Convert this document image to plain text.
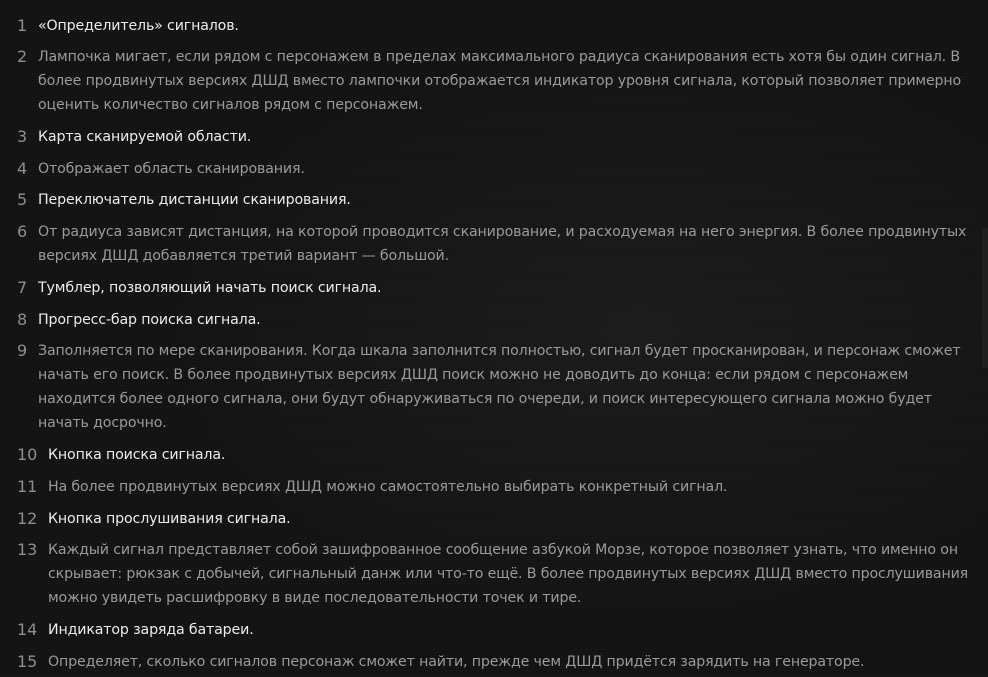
1 «Определитель» сигналов.
2 Лампочка мигает, если рядом с персонажем в пределах максимального радиуса сканирования есть хотя бы один сигнал. В более продвинутых версиях ДШД вместо лампочки отображается индикатор уровня сигнала, который позволяет примерно оценить количество сигналов рядом с персонажем.
3 Карта сканируемой области.
4 Отображает область сканирования.
5 Переключатель дистанции сканирования.
6 От радиуса зависят дистанция, на которой проводится сканирование, и расходуемая на него энергия. В более продвинутых версиях ДШД добавляется третий вариант — большой.
7 Тумблер, позволяющий начать поиск сигнала.
8 Прогресс-бар поиска сигнала.
9 Заполняется по мере сканирования. Когда шкала заполнится полностью, сигнал будет просканирован, и персонаж сможет начать его поиск. В более продвинутых версиях ДШД поиск можно не доводить до конца: если рядом с персонажем находится более одного сигнала, они будут обнаруживаться по очереди, и поиск интересующего сигнала можно будет начать досрочно.
10 Кнопка поиска сигнала.
11 На более продвинутых версиях ДШД можно самостоятельно выбирать конкретный сигнал.
12 Кнопка прослушивания сигнала.
13 Каждый сигнал представляет собой зашифрованное сообщение азбукой Морзе, которое позволяет узнать, что именно он скрывает: рюкзак с добычей, сигнальный данж или что-то ещё. В более продвинутых версиях ДШД вместо прослушивания можно увидеть расшифровку в виде последовательности точек и тире.
14 Индикатор заряда батареи.
15 Определяет, сколько сигналов персонаж сможет найти, прежде чем ДШД придётся зарядить на генераторе.
